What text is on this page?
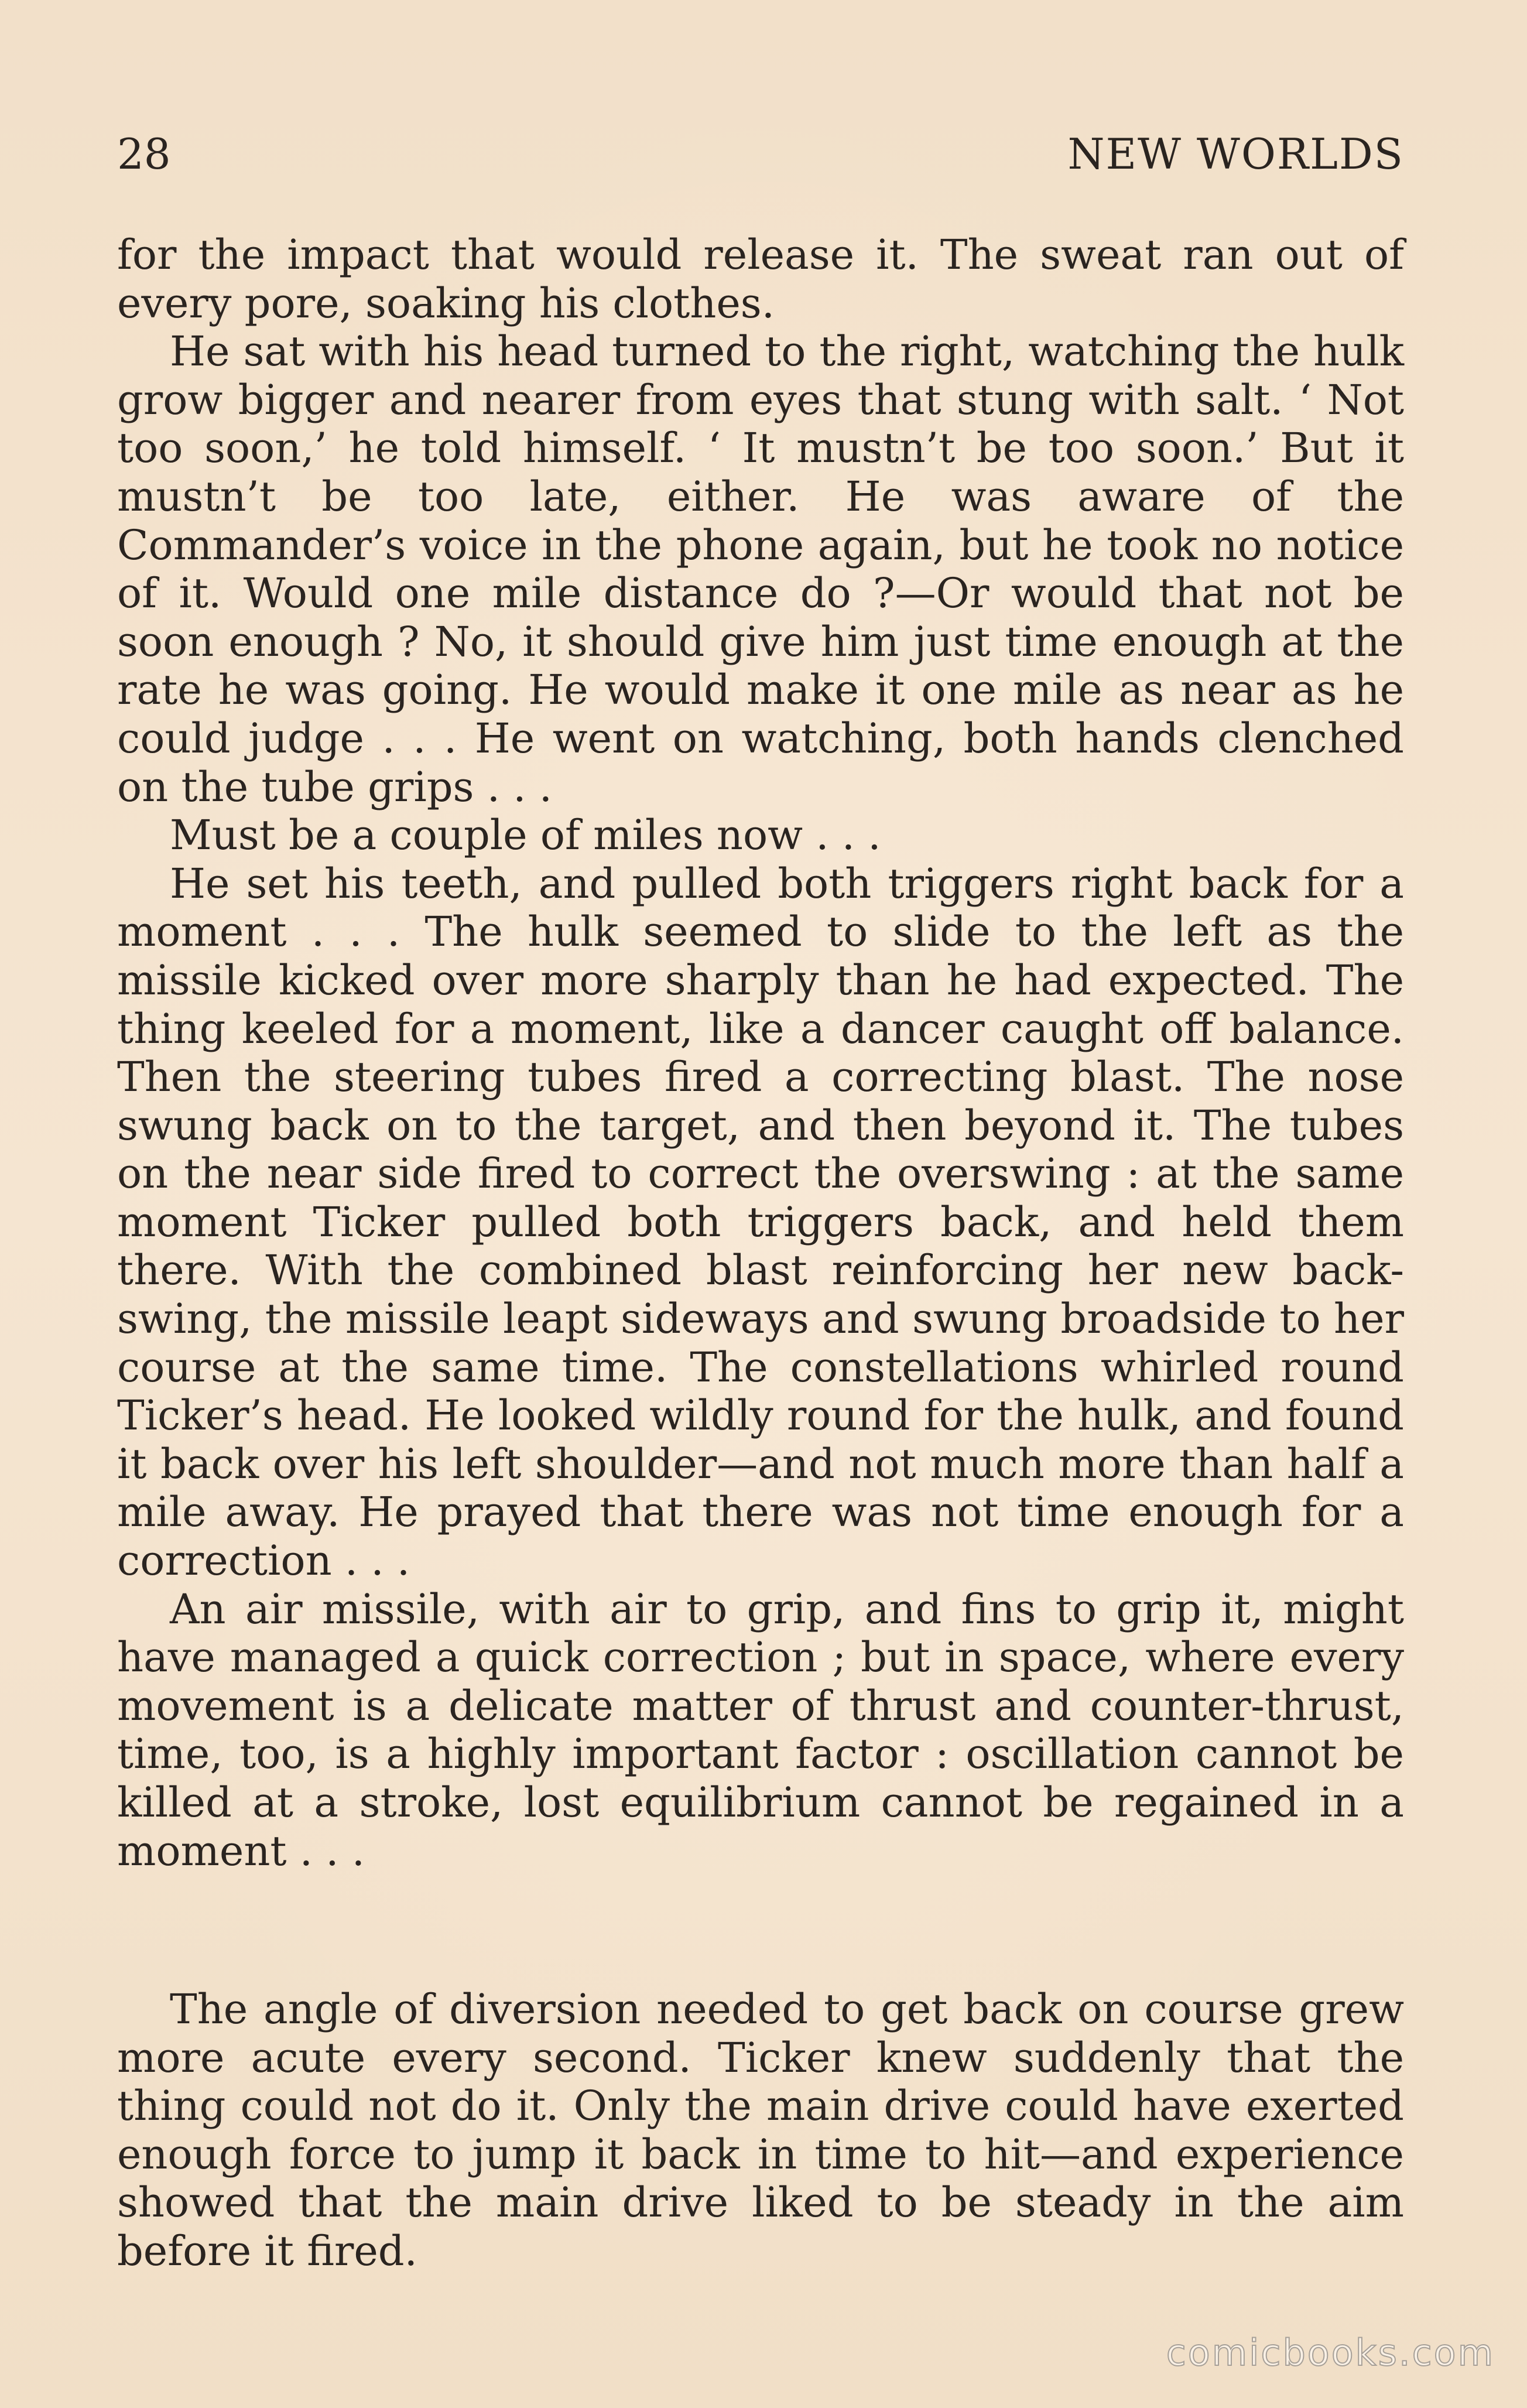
28	NEW WORLDS

for the impact that would release it. The sweat ran out of every pore, soaking his clothes.

He sat with his head turned to the right, watching the hulk grow bigger and nearer from eyes that stung with salt. ‘ Not too soon,’ he told himself. ‘ It mustn’t be too soon.’ But it mustn’t be too late, either. He was aware of the Commander’s voice in the phone again, but he took no notice of it. Would one mile distance do ?—Or would that not be soon enough ? No, it should give him just time enough at the rate he was going. He would make it one mile as near as he could judge . . . He went on watching, both hands clenched on the tube grips . . .

Must be a couple of miles now . . .

He set his teeth, and pulled both triggers right back for a moment . . . The hulk seemed to slide to the left as the missile kicked over more sharply than he had expected. The thing keeled for a moment, like a dancer caught off balance. Then the steering tubes fired a correcting blast. The nose swung back on to the target, and then beyond it. The tubes on the near side fired to correct the overswing : at the same moment Ticker pulled both triggers back, and held them there. With the combined blast reinforcing her new back-swing, the missile leapt sideways and swung broadside to her course at the same time. The constellations whirled round Ticker’s head. He looked wildly round for the hulk, and found it back over his left shoulder—and not much more than half a mile away. He prayed that there was not time enough for a correction . . .

An air missile, with air to grip, and fins to grip it, might have managed a quick correction ; but in space, where every movement is a delicate matter of thrust and counter-thrust, time, too, is a highly important factor : oscillation cannot be killed at a stroke, lost equilibrium cannot be regained in a moment . . .

The angle of diversion needed to get back on course grew more acute every second. Ticker knew suddenly that the thing could not do it. Only the main drive could have exerted enough force to jump it back in time to hit—and experience showed that the main drive liked to be steady in the aim before it fired.

comicbooks.com
